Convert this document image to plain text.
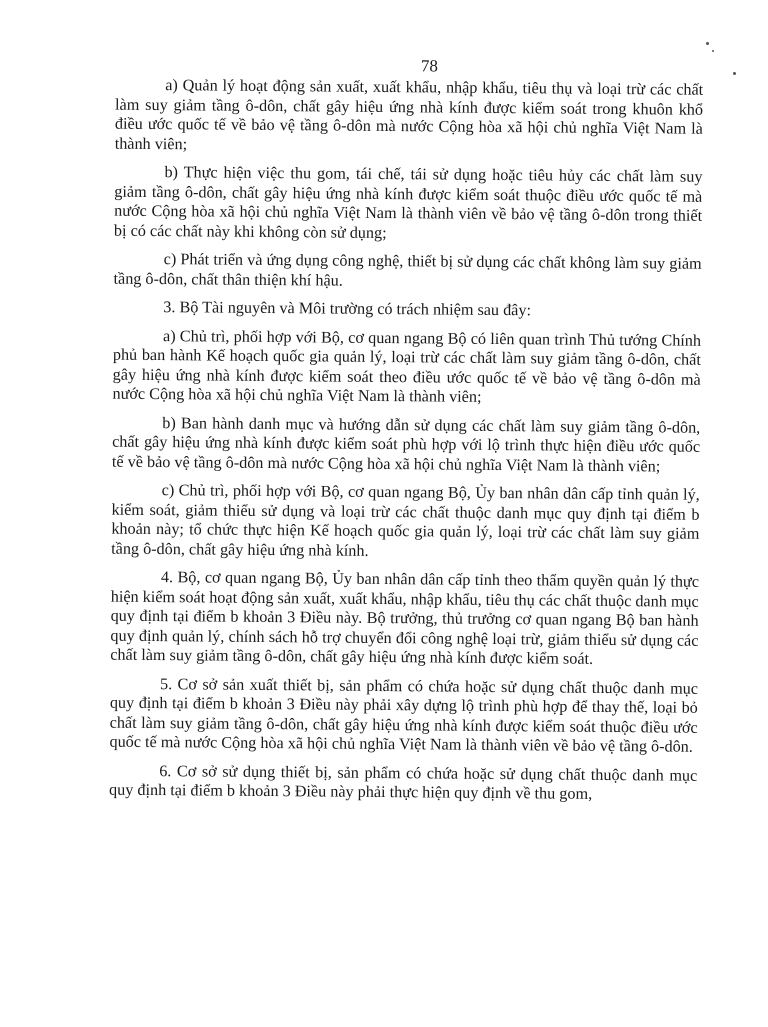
78

a) Quản lý hoạt động sản xuất, xuất khẩu, nhập khẩu, tiêu thụ và loại trừ các chất làm suy giảm tầng ô-dôn, chất gây hiệu ứng nhà kính được kiểm soát trong khuôn khổ điều ước quốc tế về bảo vệ tầng ô-dôn mà nước Cộng hòa xã hội chủ nghĩa Việt Nam là thành viên;

b) Thực hiện việc thu gom, tái chế, tái sử dụng hoặc tiêu hủy các chất làm suy giảm tầng ô-dôn, chất gây hiệu ứng nhà kính được kiểm soát thuộc điều ước quốc tế mà nước Cộng hòa xã hội chủ nghĩa Việt Nam là thành viên về bảo vệ tầng ô-dôn trong thiết bị có các chất này khi không còn sử dụng;

c) Phát triển và ứng dụng công nghệ, thiết bị sử dụng các chất không làm suy giảm tầng ô-dôn, chất thân thiện khí hậu.

3. Bộ Tài nguyên và Môi trường có trách nhiệm sau đây:

a) Chủ trì, phối hợp với Bộ, cơ quan ngang Bộ có liên quan trình Thủ tướng Chính phủ ban hành Kế hoạch quốc gia quản lý, loại trừ các chất làm suy giảm tầng ô-dôn, chất gây hiệu ứng nhà kính được kiểm soát theo điều ước quốc tế về bảo vệ tầng ô-dôn mà nước Cộng hòa xã hội chủ nghĩa Việt Nam là thành viên;

b) Ban hành danh mục và hướng dẫn sử dụng các chất làm suy giảm tầng ô-dôn, chất gây hiệu ứng nhà kính được kiểm soát phù hợp với lộ trình thực hiện điều ước quốc tế về bảo vệ tầng ô-dôn mà nước Cộng hòa xã hội chủ nghĩa Việt Nam là thành viên;

c) Chủ trì, phối hợp với Bộ, cơ quan ngang Bộ, Ủy ban nhân dân cấp tỉnh quản lý, kiểm soát, giảm thiểu sử dụng và loại trừ các chất thuộc danh mục quy định tại điểm b khoản này; tổ chức thực hiện Kế hoạch quốc gia quản lý, loại trừ các chất làm suy giảm tầng ô-dôn, chất gây hiệu ứng nhà kính.

4. Bộ, cơ quan ngang Bộ, Ủy ban nhân dân cấp tỉnh theo thẩm quyền quản lý thực hiện kiểm soát hoạt động sản xuất, xuất khẩu, nhập khẩu, tiêu thụ các chất thuộc danh mục quy định tại điểm b khoản 3 Điều này. Bộ trưởng, thủ trưởng cơ quan ngang Bộ ban hành quy định quản lý, chính sách hỗ trợ chuyển đổi công nghệ loại trừ, giảm thiểu sử dụng các chất làm suy giảm tầng ô-dôn, chất gây hiệu ứng nhà kính được kiểm soát.

5. Cơ sở sản xuất thiết bị, sản phẩm có chứa hoặc sử dụng chất thuộc danh mục quy định tại điểm b khoản 3 Điều này phải xây dựng lộ trình phù hợp để thay thế, loại bỏ chất làm suy giảm tầng ô-dôn, chất gây hiệu ứng nhà kính được kiểm soát thuộc điều ước quốc tế mà nước Cộng hòa xã hội chủ nghĩa Việt Nam là thành viên về bảo vệ tầng ô-dôn.

6. Cơ sở sử dụng thiết bị, sản phẩm có chứa hoặc sử dụng chất thuộc danh mục quy định tại điểm b khoản 3 Điều này phải thực hiện quy định về thu gom,
